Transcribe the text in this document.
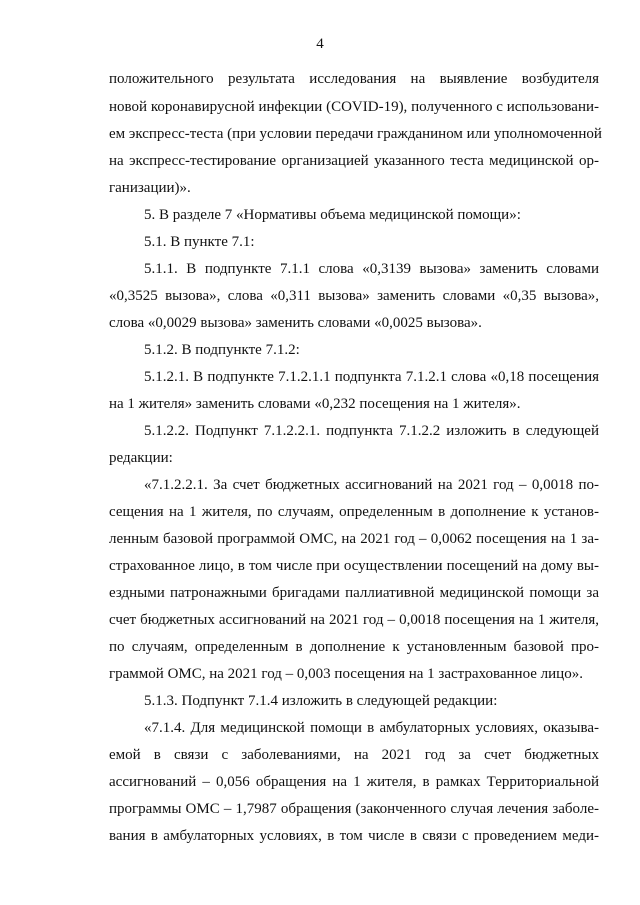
4
положительного результата исследования на выявление возбудителя
новой коронавирусной инфекции (COVID-19), полученного с использовани-
ем экспресс-теста (при условии передачи гражданином или уполномоченной
на экспресс-тестирование организацией указанного теста медицинской ор-
ганизации)».
5. В разделе 7 «Нормативы объема медицинской помощи»:
5.1. В пункте 7.1:
5.1.1. В подпункте 7.1.1 слова «0,3139 вызова» заменить словами
«0,3525 вызова», слова «0,311 вызова» заменить словами «0,35 вызова»,
слова «0,0029 вызова» заменить словами «0,0025 вызова».
5.1.2. В подпункте 7.1.2:
5.1.2.1. В подпункте 7.1.2.1.1 подпункта 7.1.2.1 слова «0,18 посещения
на 1 жителя» заменить словами «0,232 посещения на 1 жителя».
5.1.2.2. Подпункт 7.1.2.2.1. подпункта 7.1.2.2 изложить в следующей
редакции:
«7.1.2.2.1. За счет бюджетных ассигнований на 2021 год – 0,0018 по-
сещения на 1 жителя, по случаям, определенным в дополнение к установ-
ленным базовой программой ОМС, на 2021 год – 0,0062 посещения на 1 за-
страхованное лицо, в том числе при осуществлении посещений на дому вы-
ездными патронажными бригадами паллиативной медицинской помощи за
счет бюджетных ассигнований на 2021 год – 0,0018 посещения на 1 жителя,
по случаям, определенным в дополнение к установленным базовой про-
граммой ОМС, на 2021 год – 0,003 посещения на 1 застрахованное лицо».
5.1.3. Подпункт 7.1.4 изложить в следующей редакции:
«7.1.4. Для медицинской помощи в амбулаторных условиях, оказыва-
емой в связи с заболеваниями, на 2021 год за счет бюджетных
ассигнований – 0,056 обращения на 1 жителя, в рамках Территориальной
программы ОМС – 1,7987 обращения (законченного случая лечения заболе-
вания в амбулаторных условиях, в том числе в связи с проведением меди-
